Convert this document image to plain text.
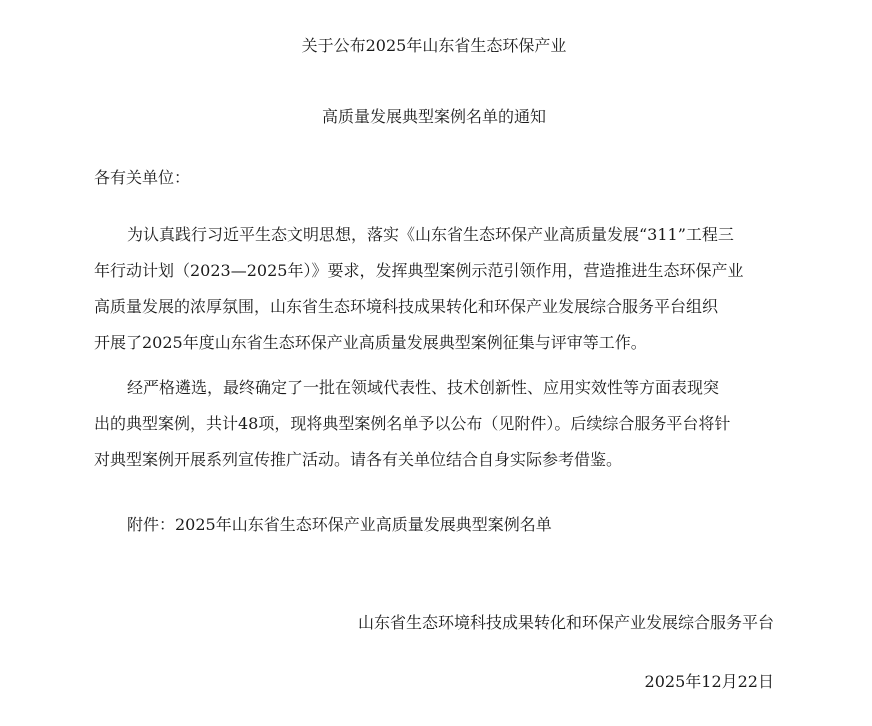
关于公布2025年山东省生态环保产业
高质量发展典型案例名单的通知
各有关单位：
为认真践行习近平生态文明思想，落实《山东省生态环保产业高质量发展“311”工程三
年行动计划（2023—2025年）》要求，发挥典型案例示范引领作用，营造推进生态环保产业
高质量发展的浓厚氛围，山东省生态环境科技成果转化和环保产业发展综合服务平台组织
开展了2025年度山东省生态环保产业高质量发展典型案例征集与评审等工作。
经严格遴选，最终确定了一批在领域代表性、技术创新性、应用实效性等方面表现突
出的典型案例，共计48项，现将典型案例名单予以公布（见附件）。后续综合服务平台将针
对典型案例开展系列宣传推广活动。请各有关单位结合自身实际参考借鉴。
附件：2025年山东省生态环保产业高质量发展典型案例名单
山东省生态环境科技成果转化和环保产业发展综合服务平台
2025年12月22日
